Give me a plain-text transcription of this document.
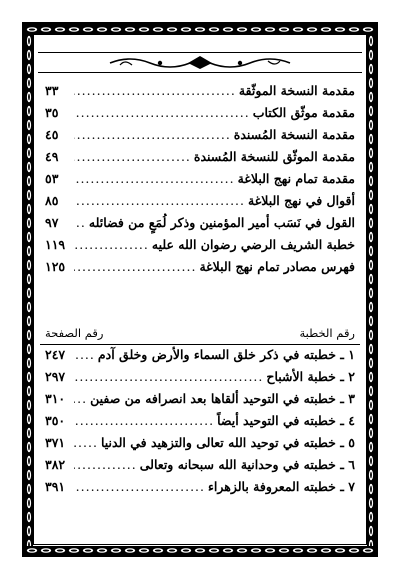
مقدمة النسخة الموثّقة
.....
٣٣
مقدمة موثّق الكتاب
.....
٣٥
مقدمة النسخة المُسندة
.....
٤٥
مقدمة الموثّق للنسخة المُسندة
.....
٤٩
مقدمة تمام نهج البلاغة
.....
٥٣
أقوال في نهج البلاغة
.....
٨٥
القول في نَسَب أمير المؤمنين وذكر لُمَعٍ من فضائله
.....
٩٧
خطبة الشريف الرضي رضوان الله عليه
.....
١١٩
فهرس مصادر تمام نهج البلاغة
.....
١٢٥
رقم الخطبة
رقم الصفحة
١ ـ خطبته في ذكر خلق السماء والأرض وخلق آدم
.....
٢٤٧
٢ ـ خطبة الأشباح
.....
٢٩٧
٣ ـ خطبته في التوحيد ألقاها بعد انصرافه من صفين
.....
٣١٠
٤ ـ خطبته في التوحيد أيضاً
.....
٣٥٠
٥ ـ خطبته في توحيد الله تعالى والتزهيد في الدنيا
.....
٣٧١
٦ ـ خطبته في وحدانية الله سبحانه وتعالى
.....
٣٨٢
٧ ـ خطبته المعروفة بالزهراء
.....
٣٩١
